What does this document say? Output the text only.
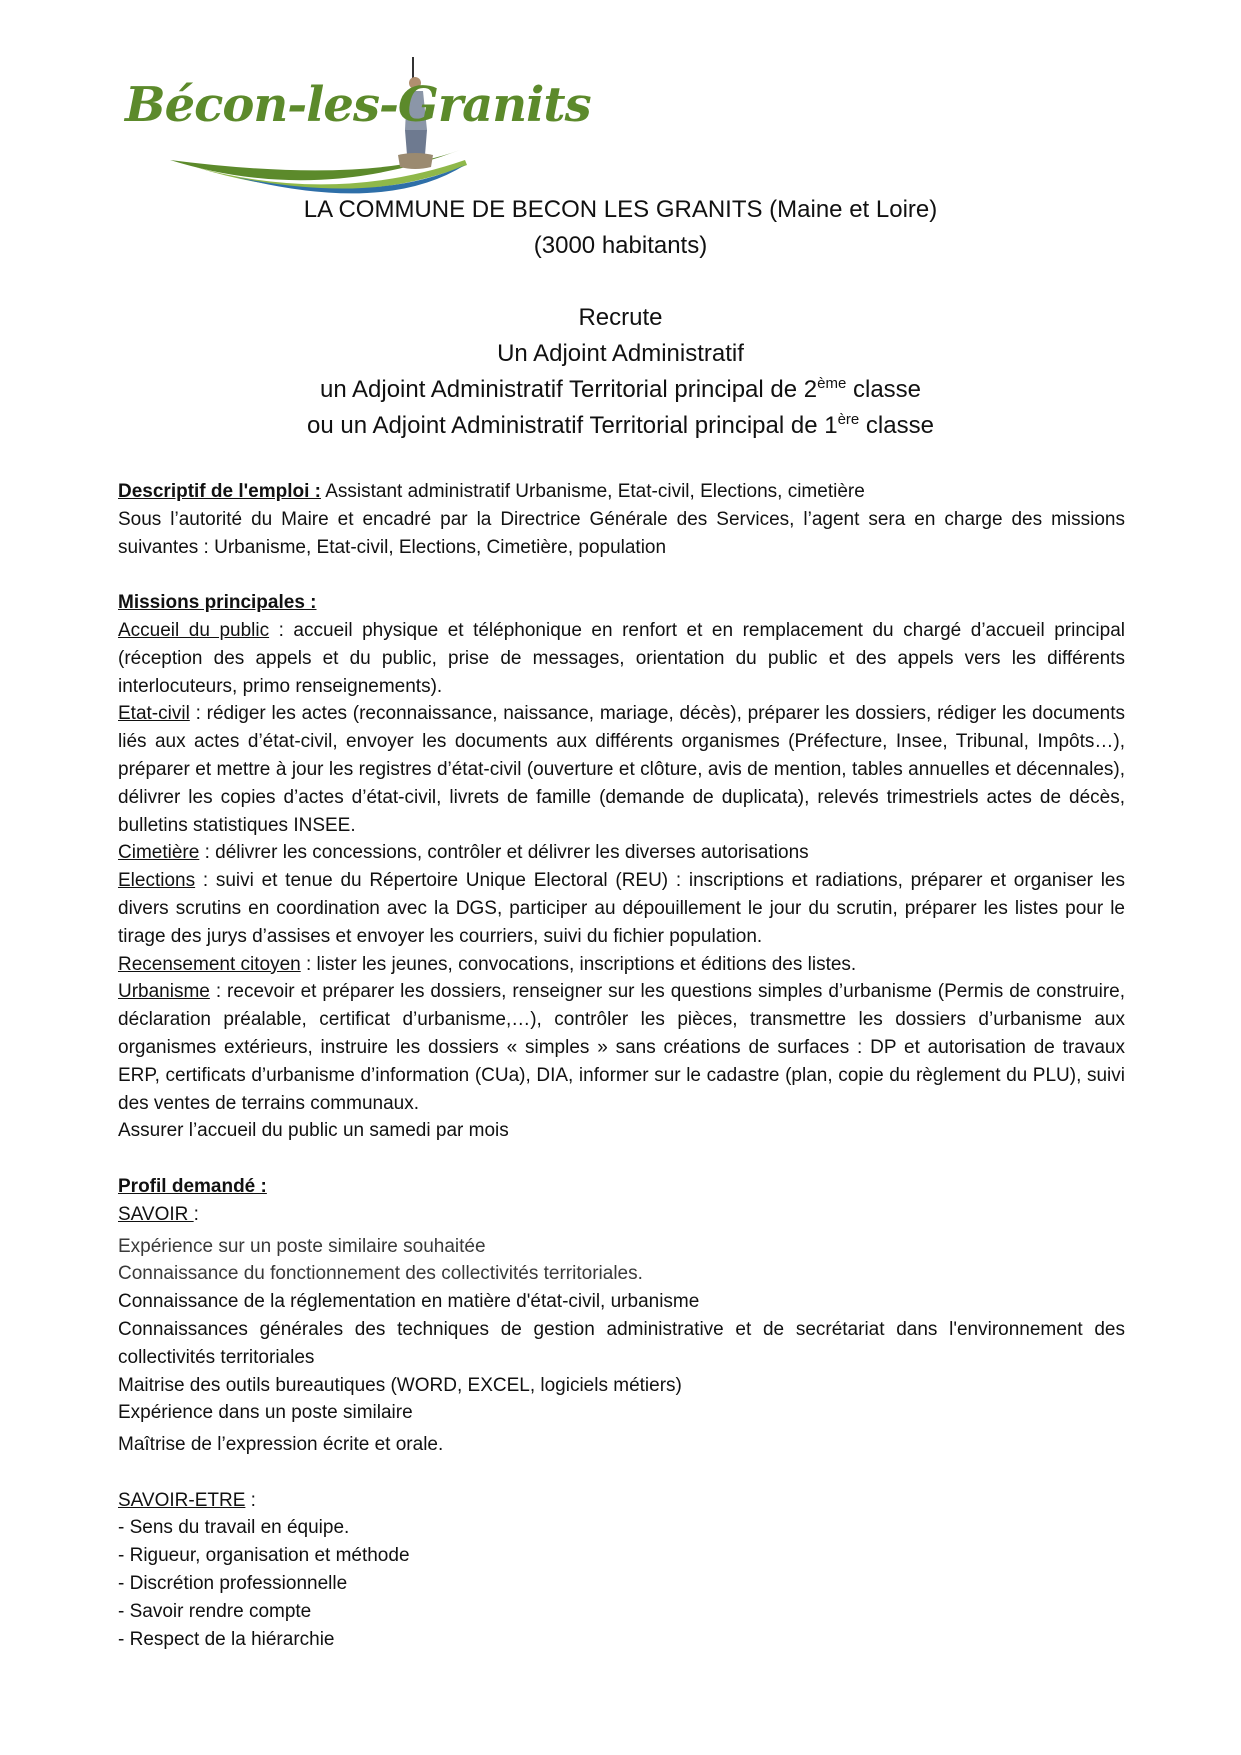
Bécon-les-Granits
LA COMMUNE DE BECON LES GRANITS (Maine et Loire)
(3000 habitants)
Recrute
Un Adjoint Administratif
un Adjoint Administratif Territorial principal de 2ème classe
ou un Adjoint Administratif Territorial principal de 1ère classe

Descriptif de l'emploi : Assistant administratif Urbanisme, Etat-civil, Elections, cimetière

Sous l’autorité du Maire et encadré par la Directrice Générale des Services, l’agent sera en charge des missions suivantes : Urbanisme, Etat-civil, Elections, Cimetière, population

Missions principales :

Accueil du public : accueil physique et téléphonique en renfort et en remplacement du chargé d’accueil principal (réception des appels et du public, prise de messages, orientation du public et des appels vers les différents interlocuteurs, primo renseignements).

Etat-civil : rédiger les actes (reconnaissance, naissance, mariage, décès), préparer les dossiers, rédiger les documents liés aux actes d’état-civil, envoyer les documents aux différents organismes (Préfecture, Insee, Tribunal, Impôts…), préparer et mettre à jour les registres d’état-civil (ouverture et clôture, avis de mention, tables annuelles et décennales), délivrer les copies d’actes d’état-civil, livrets de famille (demande de duplicata), relevés trimestriels actes de décès, bulletins statistiques INSEE.

Cimetière : délivrer les concessions, contrôler et délivrer les diverses autorisations

Elections : suivi et tenue du Répertoire Unique Electoral (REU) : inscriptions et radiations, préparer et organiser les divers scrutins en coordination avec la DGS, participer au dépouillement le jour du scrutin, préparer les listes pour le tirage des jurys d’assises et envoyer les courriers, suivi du fichier population.

Recensement citoyen : lister les jeunes, convocations, inscriptions et éditions des listes.

Urbanisme : recevoir et préparer les dossiers, renseigner sur les questions simples d’urbanisme (Permis de construire, déclaration préalable, certificat d’urbanisme,…), contrôler les pièces, transmettre les dossiers d’urbanisme aux organismes extérieurs, instruire les dossiers « simples » sans créations de surfaces : DP et autorisation de travaux ERP, certificats d’urbanisme d’information (CUa), DIA, informer sur le cadastre (plan, copie du règlement du PLU), suivi des ventes de terrains communaux.

Assurer l’accueil du public un samedi par mois

Profil demandé :

SAVOIR :

Expérience sur un poste similaire souhaitée

Connaissance du fonctionnement des collectivités territoriales.

Connaissance de la réglementation en matière d'état-civil, urbanisme

Connaissances générales des techniques de gestion administrative et de secrétariat dans l'environnement des collectivités territoriales

Maitrise des outils bureautiques (WORD, EXCEL, logiciels métiers)

Expérience dans un poste similaire

Maîtrise de l’expression écrite et orale.

SAVOIR-ETRE :

- Sens du travail en équipe.

- Rigueur, organisation et méthode

- Discrétion professionnelle

- Savoir rendre compte

- Respect de la hiérarchie
